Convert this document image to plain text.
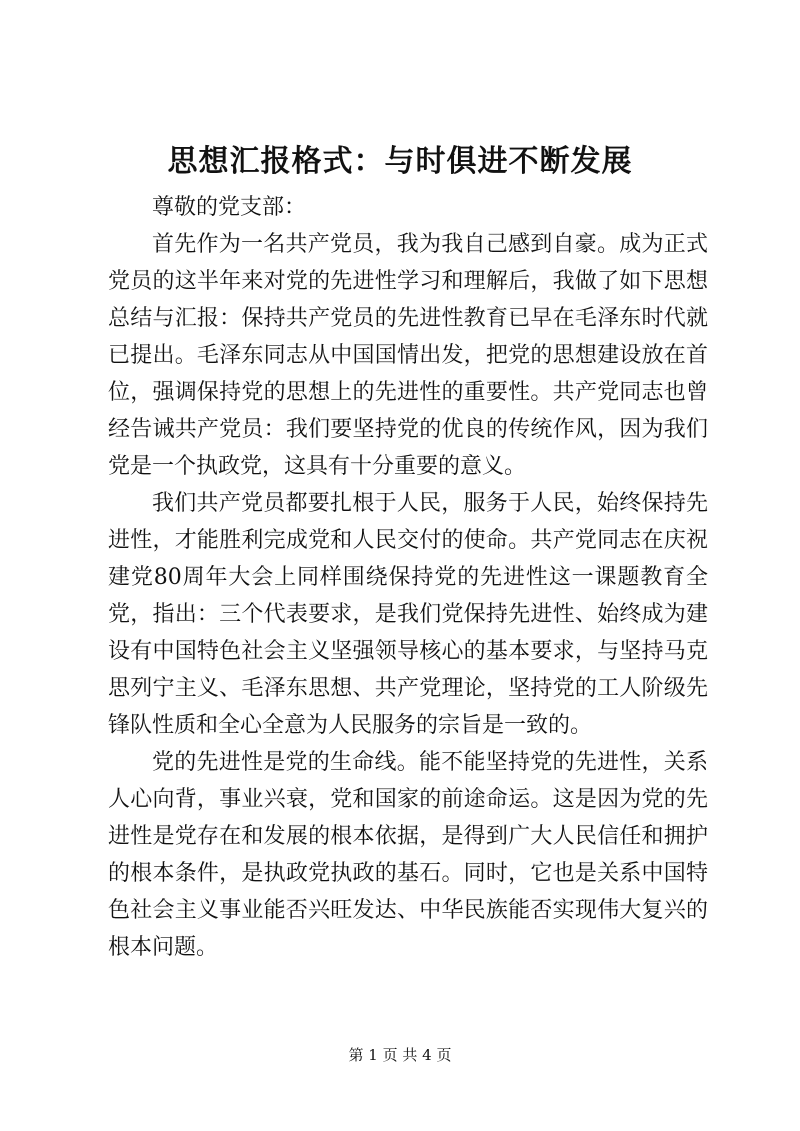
思想汇报格式：与时俱进不断发展

尊敬的党支部：

首先作为一名共产党员，我为我自己感到自豪。成为正式党员的这半年来对党的先进性学习和理解后，我做了如下思想总结与汇报：保持共产党员的先进性教育已早在毛泽东时代就已提出。毛泽东同志从中国国情出发，把党的思想建设放在首位，强调保持党的思想上的先进性的重要性。共产党同志也曾经告诫共产党员：我们要坚持党的优良的传统作风，因为我们党是一个执政党，这具有十分重要的意义。

我们共产党员都要扎根于人民，服务于人民，始终保持先进性，才能胜利完成党和人民交付的使命。共产党同志在庆祝建党80周年大会上同样围绕保持党的先进性这一课题教育全党，指出：三个代表要求，是我们党保持先进性、始终成为建设有中国特色社会主义坚强领导核心的基本要求，与坚持马克思列宁主义、毛泽东思想、共产党理论，坚持党的工人阶级先锋队性质和全心全意为人民服务的宗旨是一致的。

党的先进性是党的生命线。能不能坚持党的先进性，关系人心向背，事业兴衰，党和国家的前途命运。这是因为党的先进性是党存在和发展的根本依据，是得到广大人民信任和拥护的根本条件，是执政党执政的基石。同时，它也是关系中国特色社会主义事业能否兴旺发达、中华民族能否实现伟大复兴的根本问题。

第 1 页 共 4 页
